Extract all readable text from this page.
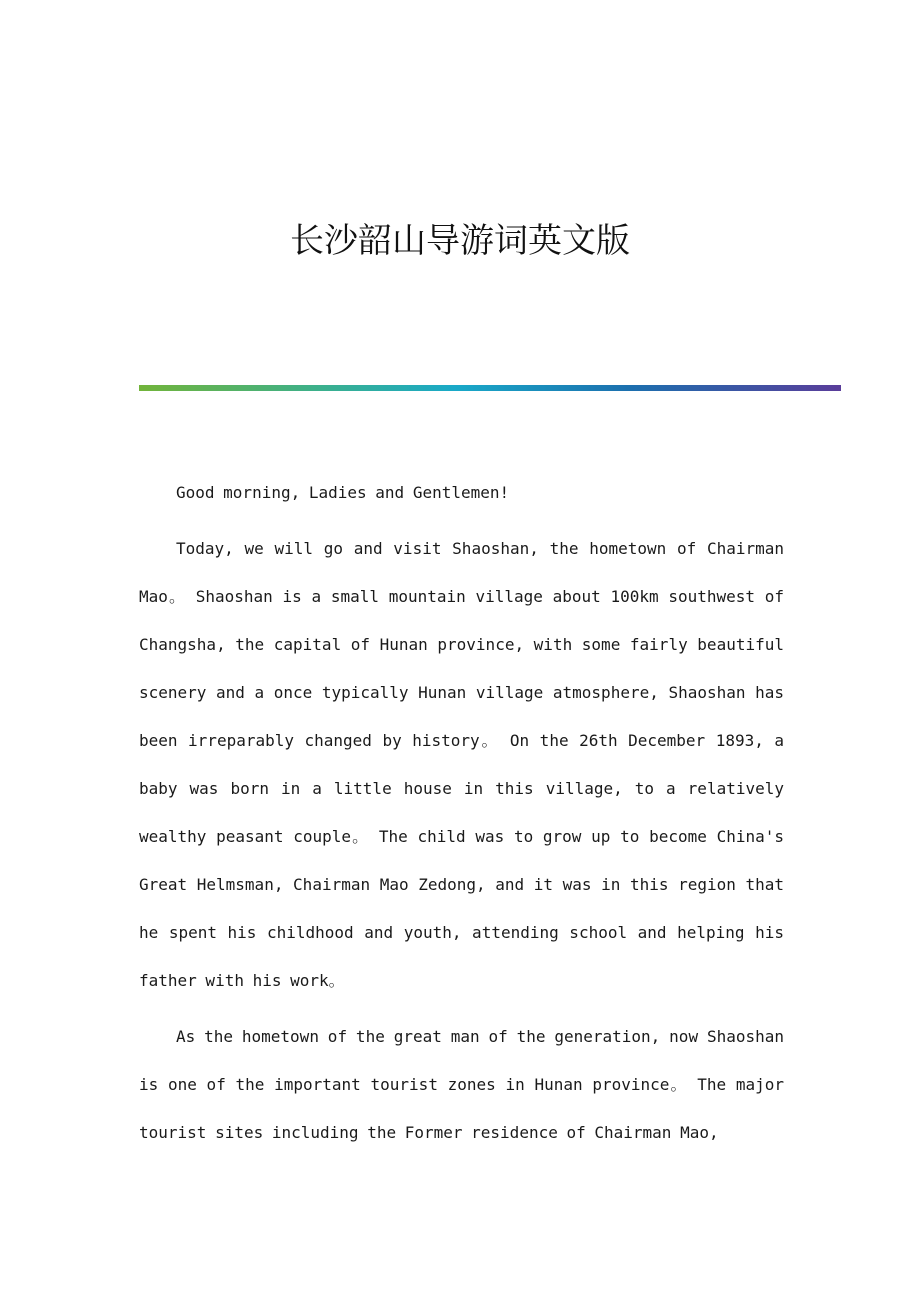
长沙韶山导游词英文版

Good morning, Ladies and Gentlemen!

Today, we will go and visit Shaoshan, the hometown of Chairman Mao。 Shaoshan is a small mountain village about 100km southwest of Changsha, the capital of Hunan province, with some fairly beautiful scenery and a once typically Hunan village atmosphere, Shaoshan has been irreparably changed by history。 On the 26th December 1893, a baby was born in a little house in this village, to a relatively wealthy peasant couple。 The child was to grow up to become China's Great Helmsman, Chairman Mao Zedong, and it was in this region that he spent his childhood and youth, attending school and helping his father with his work。

As the hometown of the great man of the generation, now Shaoshan is one of the important tourist zones in Hunan province。 The major tourist sites including the Former residence of Chairman Mao,
